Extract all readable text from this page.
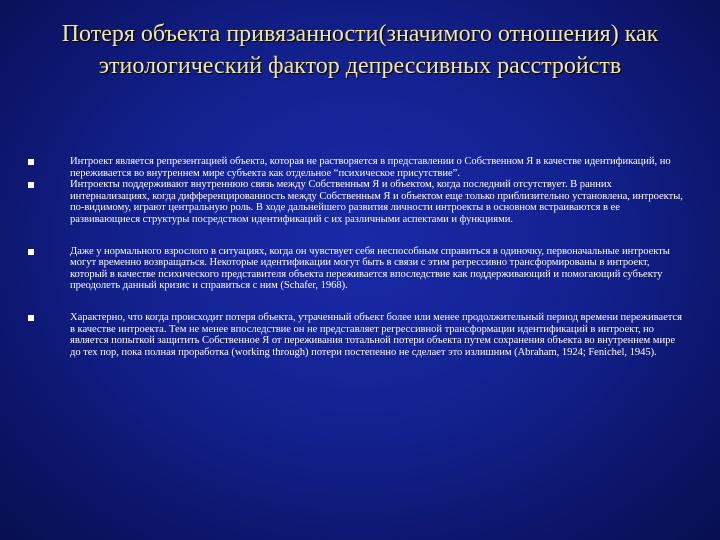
Потеря объекта привязанности(значимого отношения) как этиологический фактор депрессивных расстройств
Интроект является репрезентацией объекта, которая не растворяется в представлении о Собственном Я в качестве идентификаций, но переживается во внутреннем мире субъекта как отдельное “психическое присутствие”.
Интроекты поддерживают внутреннюю связь между Собственным Я и объектом, когда последний отсутствует. В ранних интернализациях, когда дифференцированность между Собственным Я и объектом еще только приблизительно установлена, интроекты, по-видимому, играют центральную роль. В ходе дальнейшего развития личности интроекты в основном встраиваются в ее развивающиеся структуры посредством идентификаций с их различными аспектами и функциями.
Даже у нормального взрослого в ситуациях, когда он чувствует себя неспособным справиться в одиночку, первоначальные интроекты могут временно возвращаться. Некоторые идентификации могут быть в связи с этим регрессивно трансформированы в интроект, который в качестве психического представителя объекта переживается впоследствие как поддерживающий и помогающий субъекту преодолеть данный кризис и справиться с ним (Schafer, 1968).
Характерно, что когда происходит потеря объекта, утраченный объект более или менее продолжительный период времени переживается в качестве интроекта. Тем не менее впоследствие он не представляет регрессивной трансформации идентификаций в интроект, но является попыткой защитить Собственное Я от переживания тотальной потери объекта путем сохранения объекта во внутреннем мире до тех пор, пока полная проработка (working through) потери постепенно не сделает это излишним (Abraham, 1924; Fenichel, 1945).
